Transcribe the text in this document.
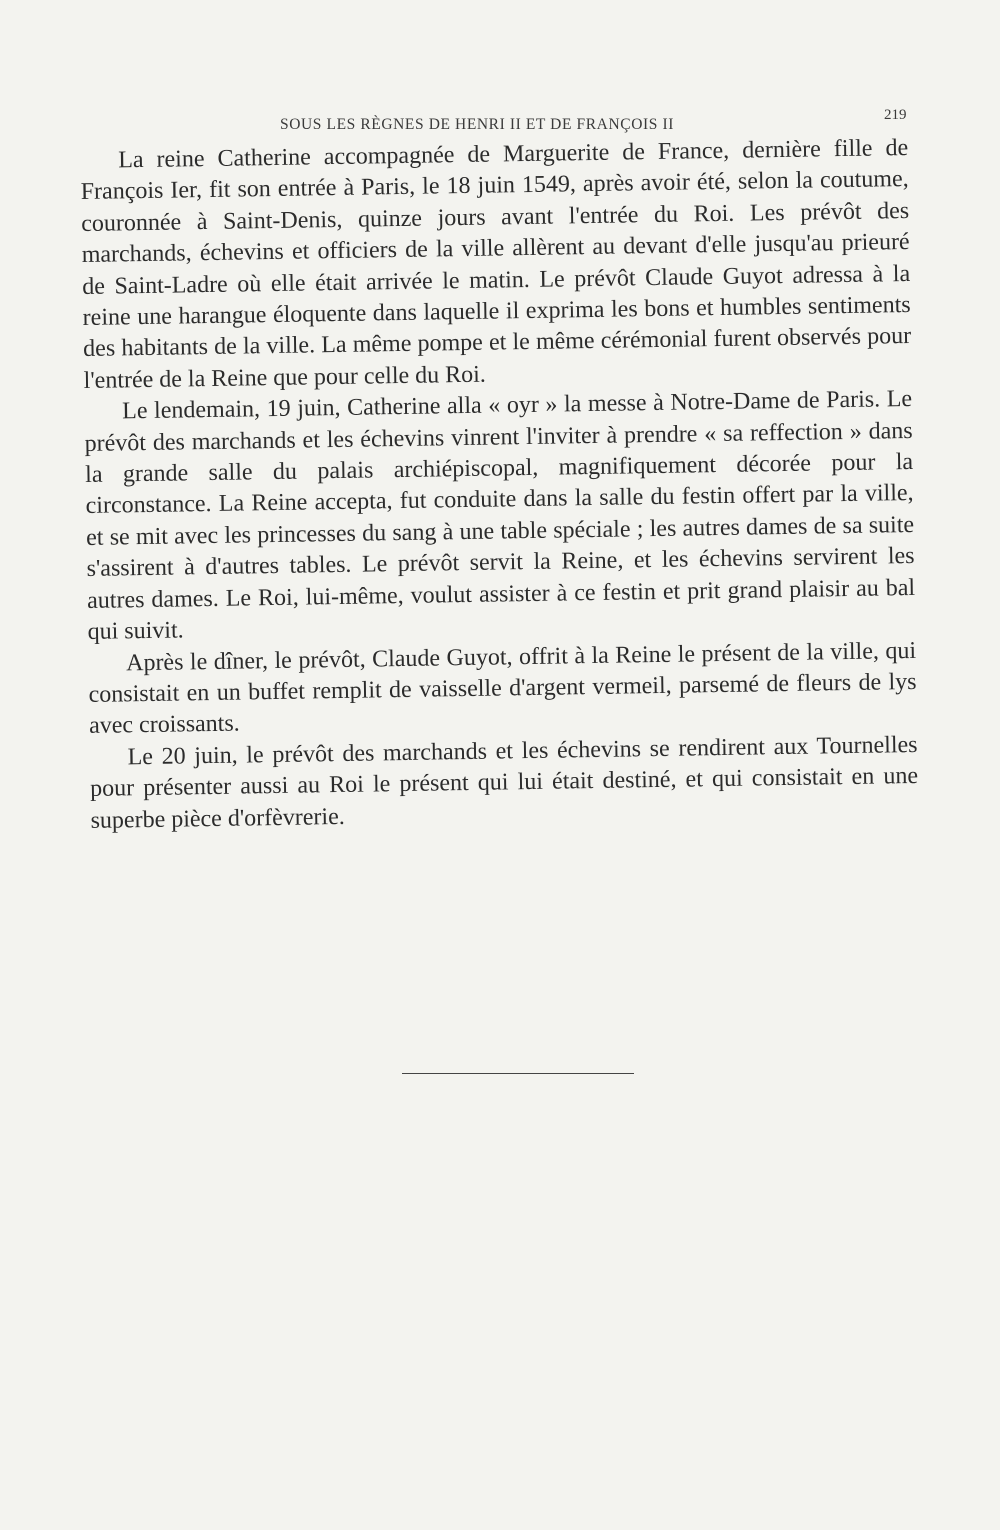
SOUS LES RÈGNES DE HENRI II ET DE FRANÇOIS II
219

La reine Catherine accompagnée de Marguerite de France, dernière fille de François Ier, fit son entrée à Paris, le 18 juin 1549, après avoir été, selon la coutume, couronnée à Saint-Denis, quinze jours avant l'entrée du Roi. Les prévôt des marchands, échevins et officiers de la ville allèrent au devant d'elle jusqu'au prieuré de Saint-Ladre où elle était arrivée le matin. Le prévôt Claude Guyot adressa à la reine une harangue éloquente dans laquelle il exprima les bons et humbles sentiments des habitants de la ville. La même pompe et le même cérémonial furent observés pour l'entrée de la Reine que pour celle du Roi.

Le lendemain, 19 juin, Catherine alla « oyr » la messe à Notre-Dame de Paris. Le prévôt des marchands et les échevins vinrent l'inviter à prendre « sa reffection » dans la grande salle du palais archiépiscopal, magnifiquement décorée pour la circonstance. La Reine accepta, fut conduite dans la salle du festin offert par la ville, et se mit avec les princesses du sang à une table spéciale ; les autres dames de sa suite s'assirent à d'autres tables. Le prévôt servit la Reine, et les échevins servirent les autres dames. Le Roi, lui-même, voulut assister à ce festin et prit grand plaisir au bal qui suivit.

Après le dîner, le prévôt, Claude Guyot, offrit à la Reine le présent de la ville, qui consistait en un buffet remplit de vaisselle d'argent vermeil, parsemé de fleurs de lys avec croissants.

Le 20 juin, le prévôt des marchands et les échevins se rendirent aux Tournelles pour présenter aussi au Roi le présent qui lui était destiné, et qui consistait en une superbe pièce d'orfèvrerie.
